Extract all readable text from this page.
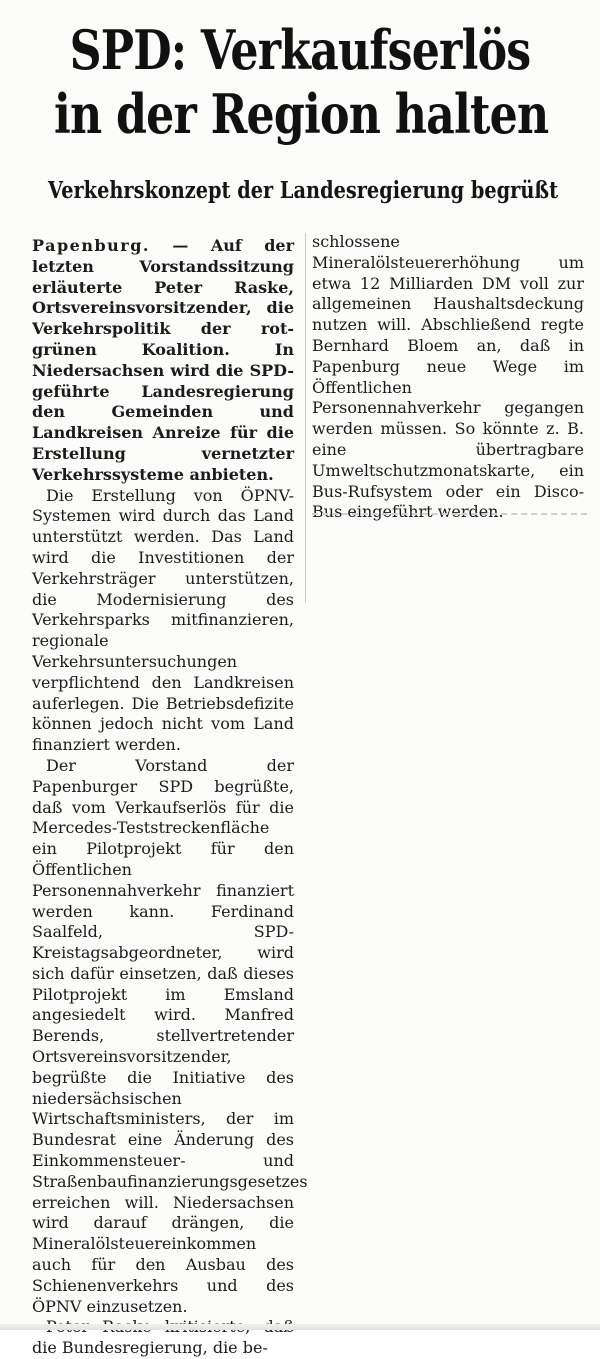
SPD: Verkaufserlös
in der Region halten
Verkehrskonzept der Landesregierung begrüßt

Papenburg. — Auf der letzten Vorstandssitzung erläuterte Peter Raske, Ortsvereinsvorsitzender, die Verkehrspolitik der rot-grünen Koalition. In Niedersachsen wird die SPD-geführte Landesregierung den Gemeinden und Landkreisen Anreize für die Erstellung vernetzter Verkehrssysteme anbieten.

Die Erstellung von ÖPNV-Systemen wird durch das Land unterstützt werden. Das Land wird die Investitionen der Verkehrsträger unterstützen, die Modernisierung des Verkehrsparks mitfinanzieren, regionale Verkehrsuntersuchungen verpflichtend den Landkreisen auferlegen. Die Betriebsdefizite können jedoch nicht vom Land finanziert werden.

Der Vorstand der Papenburger SPD begrüßte, daß vom Verkaufserlös für die Mercedes-Teststreckenfläche ein Pilotprojekt für den Öffentlichen Personennahverkehr finanziert werden kann. Ferdinand Saalfeld, SPD-Kreistagsabgeordneter, wird sich dafür einsetzen, daß dieses Pilotprojekt im Emsland angesiedelt wird. Manfred Berends, stellvertretender Ortsvereinsvorsitzender, begrüßte die Initiative des niedersächsischen Wirtschaftsministers, der im Bundesrat eine Änderung des Einkommensteuer- und Straßenbaufinanzierungsgesetzes erreichen will. Niedersachsen wird darauf drängen, die Mineralölsteuereinkommen auch für den Ausbau des Schienenverkehrs und des ÖPNV einzusetzen.

die Bundesregierung, die be-

schlossene Mineralölsteuererhöhung um etwa 12 Milliarden DM voll zur allgemeinen Haushaltsdeckung nutzen will. Abschließend regte Bernhard Bloem an, daß in Papenburg neue Wege im Öffentlichen Personennahverkehr gegangen werden müssen. So könnte z. B. eine übertragbare Umweltschutzmonatskarte, ein Bus-Rufsystem oder ein Disco-Bus eingeführt werden.
